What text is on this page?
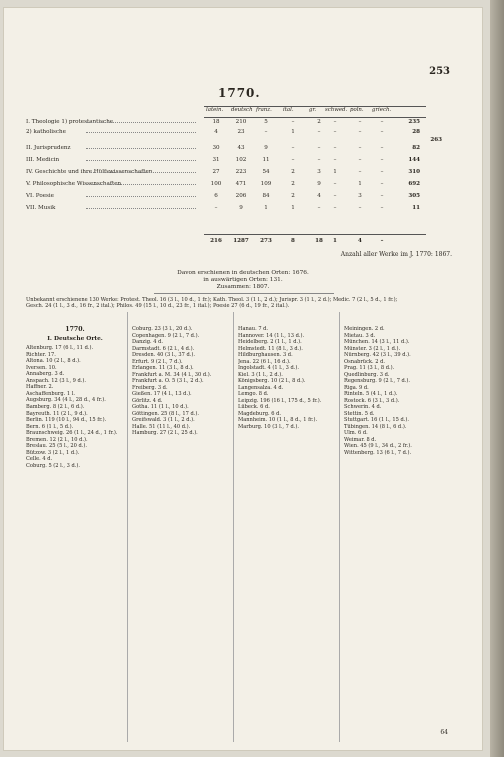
253
1770.
latein. deutsch franz. ital.	gr. schwed. poln. griech.
I. Theologie 1) protestantische	18	210	5	–	2	–	–	–	235
2) katholische	4	23	–	1	–	–	–	–	28
II. Jurisprudenz	30	43	9	–	–	–	–	–	82
III. Medicin	31	102	11	–	–	–	–	–	144
IV. Geschichte und ihre Hülfswissenschaften	27	223	54	2	3	1	–	–	310
V. Philosophische Wissenschaften	100	471	109	2	9	–	1	–	692
VI. Poesie	6	206	84	2	4	–	3	–	305
VII. Musik	–	9	1	1	–	–	–	–	11
263
216	1287	273	8	18	1	4	–
Anzahl aller Werke im J. 1770: 1867.
Davon erschienen in deutschen Orten: 1676.
in auswärtigen Orten: 131.
Zusammen: 1807.
Unbekannt erschienene 130 Werke: Protest. Theol. 16 (3 l., 10 d., 1 fr.); Kath. Theol. 3 (1 l., 2 d.); Jurispr. 3 (1 l., 2 d.); Medic. 7 (2 l., 5 d., 1 fr.);
Gesch. 24 (1 l., 3 d., 16 fr., 2 ital.); Philos. 49 (15 l., 10 d., 23 fr., 1 ital.); Poesie 27 (6 d., 19 fr., 2 ital.).
1770.
I. Deutsche Orte.
Altenburg. 17 (6 l., 11 d.).
Richter. 17.
Altona. 10 (2 l., 8 d.).
Iversen. 10.
Annaberg. 3 d.
Anspach. 12 (3 l., 9 d.).
Haffner. 2.
Aschaffenburg. 1 l.
Augsburg. 34 (4 l., 28 d., 4 fr.).
Bamberg. 8 (2 l., 6 d.).
Bayreuth. 11 (2 l., 9 d.).
Berlin. 119 (10 l., 94 d., 15 fr.).
Bern. 6 (1 l., 5 d.).
Braunschweig. 26 (1 l., 24 d., 1 fr.).
Bremen. 12 (2 l., 10 d.).
Breslau. 25 (5 l., 20 d.).
Bützow. 3 (2 l., 1 d.).
Celle. 4 d.
Coburg. 5 (2 l., 3 d.).
Coburg. 23 (3 l., 20 d.).
Copenhagen. 9 (2 l., 7 d.).
Danzig. 4 d.
Darmstadt. 6 (2 l., 4 d.).
Dresden. 40 (3 l., 37 d.).
Erfurt. 9 (2 l., 7 d.).
Erlangen. 11 (3 l., 8 d.).
Frankfurt a. M. 34 (4 l., 30 d.).
Frankfurt a. O. 5 (3 l., 2 d.).
Freiberg. 3 d.
Gießen. 17 (4 l., 13 d.).
Görlitz. 4 d.
Gotha. 11 (1 l., 10 d.).
Göttingen. 25 (8 l., 17 d.).
Greifswald. 3 (1 l., 2 d.).
Halle. 51 (11 l., 40 d.).
Hamburg. 27 (2 l., 25 d.).
Hanau. 7 d.
Hannover. 14 (1 l., 13 d.).
Heidelberg. 2 (1 l., 1 d.).
Helmstedt. 11 (8 l., 3 d.).
Hildburghausen. 3 d.
Jena. 22 (6 l., 16 d.).
Ingolstadt. 4 (1 l., 3 d.).
Kiel. 3 (1 l., 2 d.).
Königsberg. 10 (2 l., 8 d.).
Langensalza. 4 d.
Lemgo. 8 d.
Leipzig. 196 (16 l., 175 d., 5 fr.).
Lübeck. 6 d.
Magdeburg. 6 d.
Mannheim. 10 (1 l., 8 d., 1 fr.).
Marburg. 10 (3 l., 7 d.).
Meiningen. 2 d.
Mietau. 3 d.
München. 14 (3 l., 11 d.).
Münster. 3 (2 l., 1 d.).
Nürnberg. 42 (3 l., 39 d.).
Osnabrück. 2 d.
Prag. 11 (3 l., 8 d.).
Quedlinburg. 3 d.
Regensburg. 9 (2 l., 7 d.).
Riga. 9 d.
Rinteln. 5 (4 l., 1 d.).
Rostock. 6 (3 l., 3 d.).
Schwerin. 4 d.
Stettin. 5 d.
Stuttgart. 16 (1 l., 15 d.).
Tübingen. 14 (8 l., 6 d.).
Ulm. 6 d.
Weimar. 8 d.
Wien. 45 (9 l., 34 d., 2 fr.).
Wittenberg. 13 (6 l., 7 d.).
64
